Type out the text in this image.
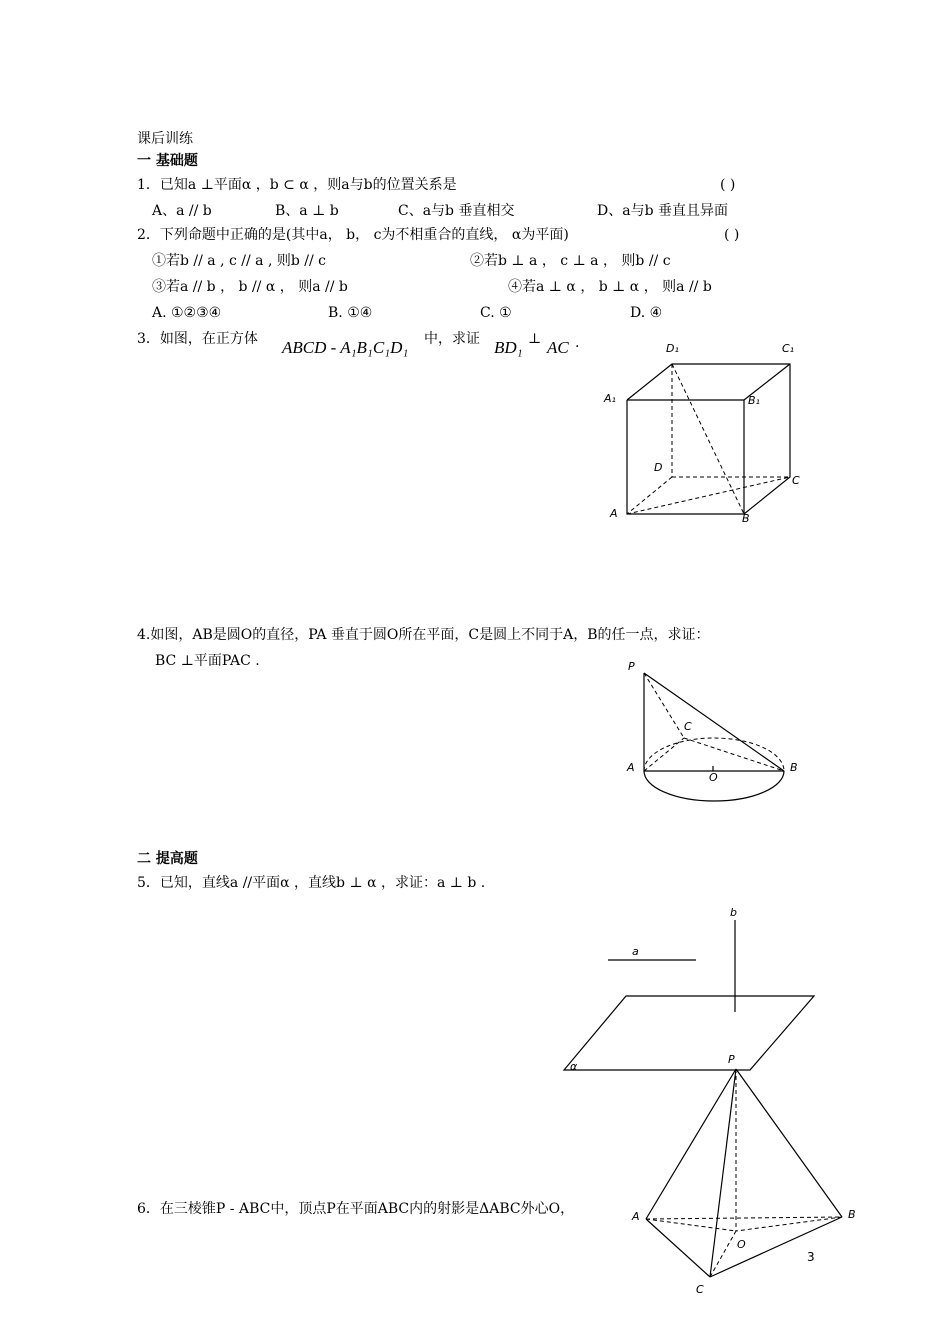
课后训练
一 基础题
1．已知a ⊥平面α ，b ⊂ α ，则a与b的位置关系是	( )
A、a // b	B、a ⊥ b	C、a与b 垂直相交	D、a与b 垂直且异面
2．下列命题中正确的是(其中a， b， c为不相重合的直线， α为平面)	( )
①若b // a , c // a , 则b // c	②若b ⊥ a ， c ⊥ a ， 则b // c
③若a // b ， b // α ， 则a // b	④若a ⊥ α ， b ⊥ α ， 则a // b
A. ①②③④	B. ①④	C. ①	D. ④
3．如图，在正方体 ABCD - A₁B₁C₁D₁ 中，求证 BD₁ ⊥ AC .	D₁	C₁
A₁	B₁
D
C
A	B
4.如图，AB是圆O的直径，PA 垂直于圆O所在平面，C是圆上不同于A，B的任一点，求证：
BC ⊥平面PAC .	P
C
A
O
B
二 提高题
5．已知，直线a //平面α ，直线b ⊥ α ，求证：a ⊥ b .
b
a
α
P
A	B
O
C
6．在三棱锥P - ABC中，顶点P在平面ABC内的射影是ΔABC外心O，
3
